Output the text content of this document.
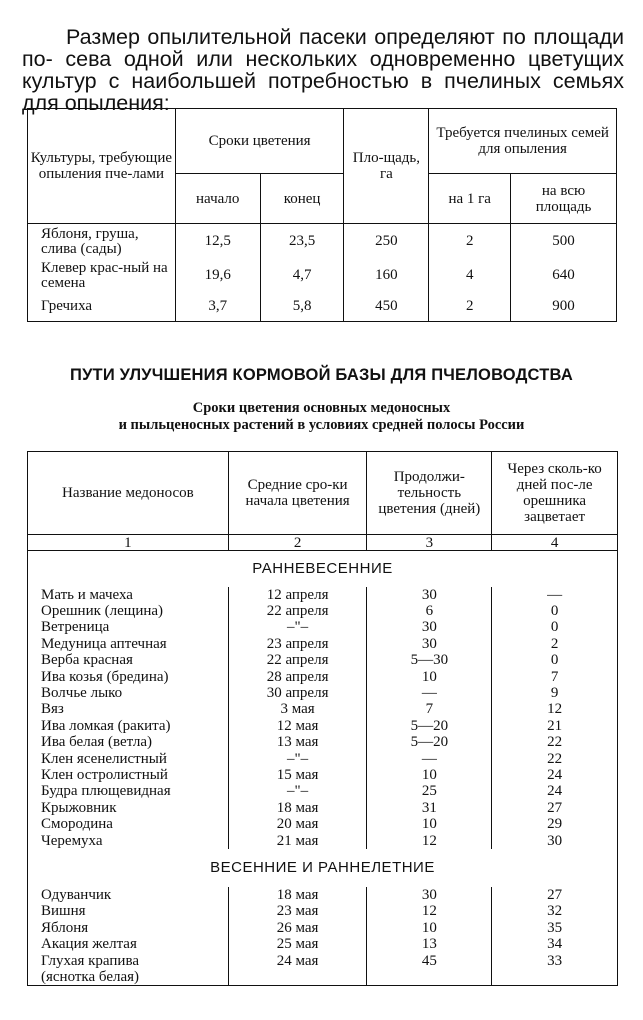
Размер опылительной пасеки определяют по площади по- сева одной или нескольких одновременно цветущих культур с наибольшей потребностью в пчелиных семьях для опыления:
Культуры, требующие опыления пче-лами	Сроки цветения		Пло-щадь, га	Требуется пчелиных семей для опыления	
	начало	конец		на 1 га	на всю площадь
Яблоня, груша, слива (сады)	12,5	23,5	250	2	500
Клевер крас-ный на семена	19,6	4,7	160	4	640
Гречиха	3,7	5,8	450	2	900
ПУТИ УЛУЧШЕНИЯ КОРМОВОЙ БАЗЫ ДЛЯ ПЧЕЛОВОДСТВА
Сроки цветения основных медоносных
и пыльценосных растений в условиях средней полосы России
Название медоносов	Средние сро-ки начала цветения	Продолжи-тельность цветения (дней)	Через сколь-ко дней пос-ле орешника зацветает
1	2	3	4
РАННЕВЕСЕННИЕ			
Мать и мачеха	12 апреля	30	—
Орешник (лещина)	22 апреля	6	0
Ветреница	–"–	30	0
Медуница аптечная	23 апреля	30	2
Верба красная	22 апреля	5—30	0
Ива козья (бредина)	28 апреля	10	7
Волчье лыко	30 апреля	—	9
Вяз	3 мая	7	12
Ива ломкая (ракита)	12 мая	5—20	21
Ива белая (ветла)	13 мая	5—20	22
Клен ясенелистный	–"–	—	22
Клен остролистный	15 мая	10	24
Будра плющевидная	–"–	25	24
Крыжовник	18 мая	31	27
Смородина	20 мая	10	29
Черемуха	21 мая	12	30
ВЕСЕННИЕ И РАННЕЛЕТНИЕ			
Одуванчик	18 мая	30	27
Вишня	23 мая	12	32
Яблоня	26 мая	10	35
Акация желтая	25 мая	13	34
Глухая крапива	24 мая	45	33
(яснотка белая)			
